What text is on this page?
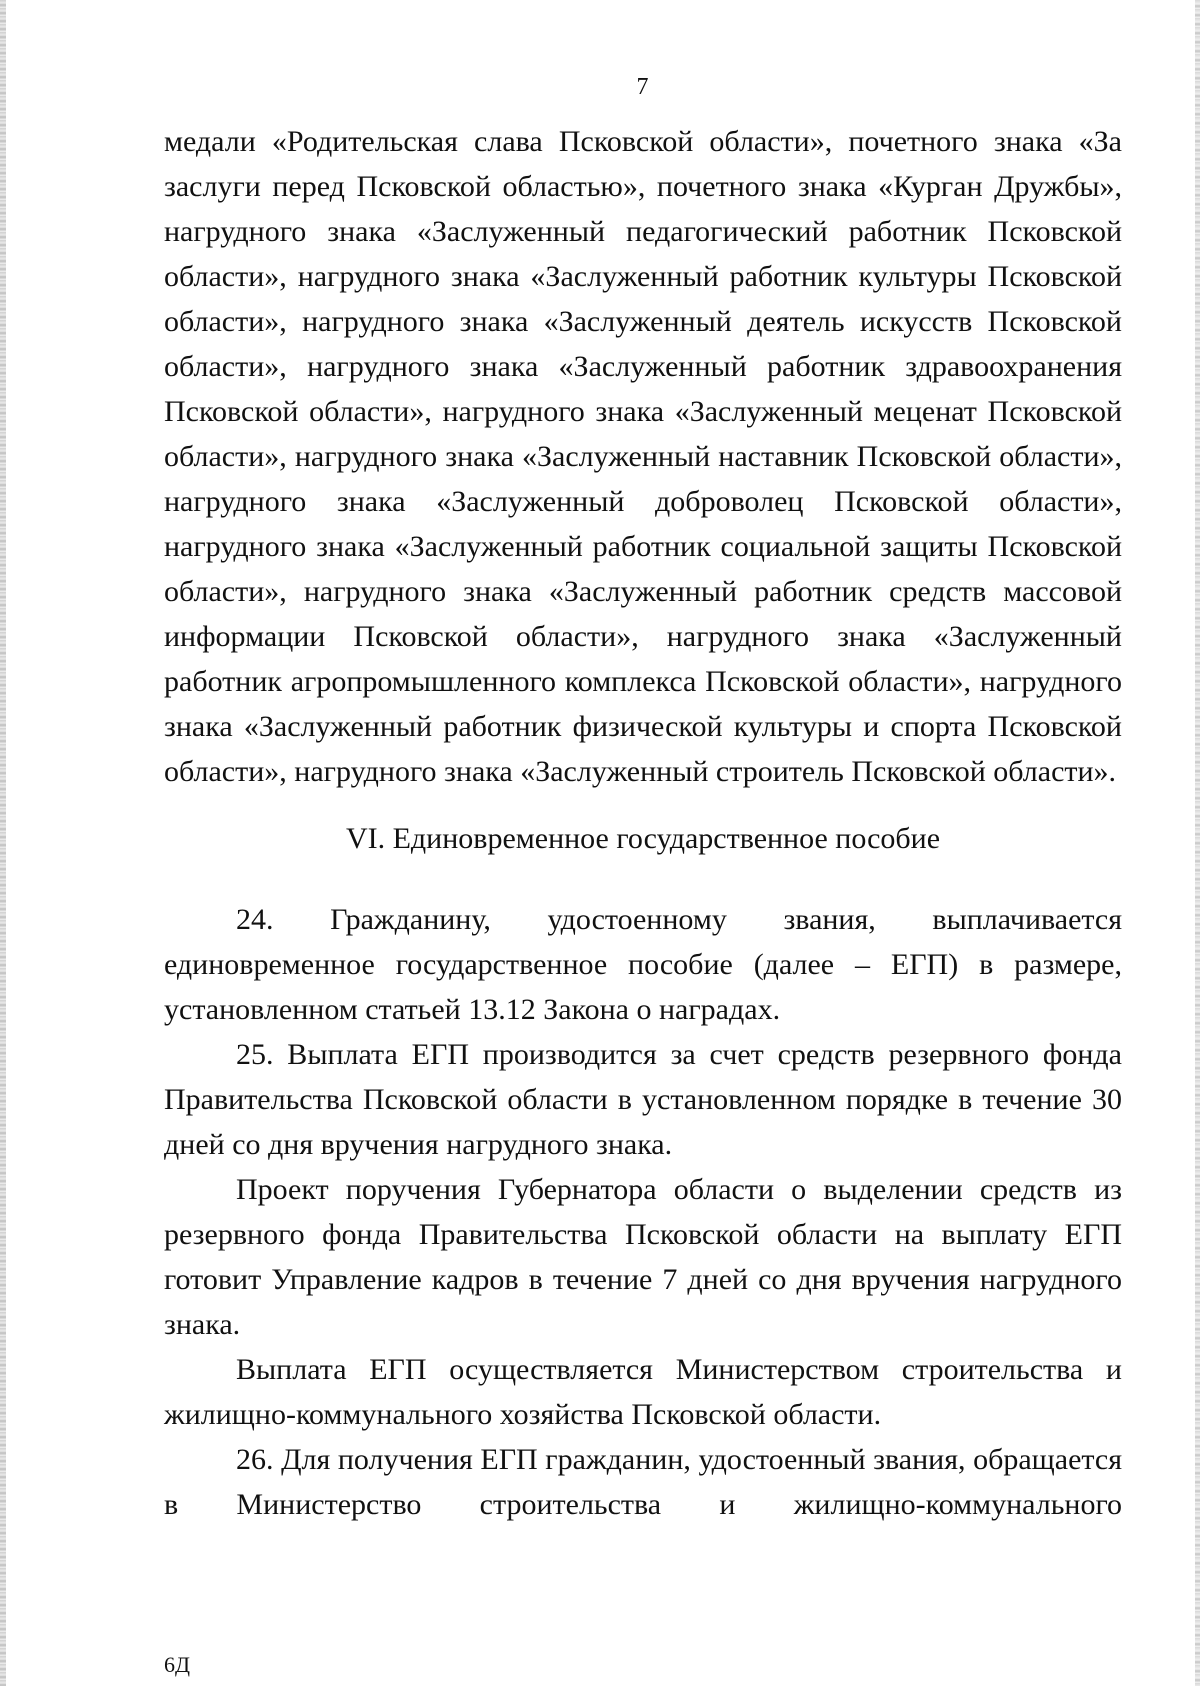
7

медали «Родительская слава Псковской области», почетного знака «За заслуги перед Псковской областью», почетного знака «Курган Дружбы», нагрудного знака «Заслуженный педагогический работник Псковской области», нагрудного знака «Заслуженный работник культуры Псковской области», нагрудного знака «Заслуженный деятель искусств Псковской области», нагрудного знака «Заслуженный работник здравоохранения Псковской области», нагрудного знака «Заслуженный меценат Псковской области», нагрудного знака «Заслуженный наставник Псковской области», нагрудного знака «Заслуженный доброволец Псковской области», нагрудного знака «Заслуженный работник социальной защиты Псковской области», нагрудного знака «Заслуженный работник средств массовой информации Псковской области», нагрудного знака «Заслуженный работник агропромышленного комплекса Псковской области», нагрудного знака «Заслуженный работник физической культуры и спорта Псковской области», нагрудного знака «Заслуженный строитель Псковской области».

VI. Единовременное государственное пособие

24. Гражданину, удостоенному звания, выплачивается единовременное государственное пособие (далее – ЕГП) в размере, установленном статьей 13.12 Закона о наградах.

25. Выплата ЕГП производится за счет средств резервного фонда Правительства Псковской области в установленном порядке в течение 30 дней со дня вручения нагрудного знака.

Проект поручения Губернатора области о выделении средств из резервного фонда Правительства Псковской области на выплату ЕГП готовит Управление кадров в течение 7 дней со дня вручения нагрудного знака.

Выплата ЕГП осуществляется Министерством строительства и жилищно-коммунального хозяйства Псковской области.

26. Для получения ЕГП гражданин, удостоенный звания, обращается в Министерство строительства и жилищно-коммунального

6Д
